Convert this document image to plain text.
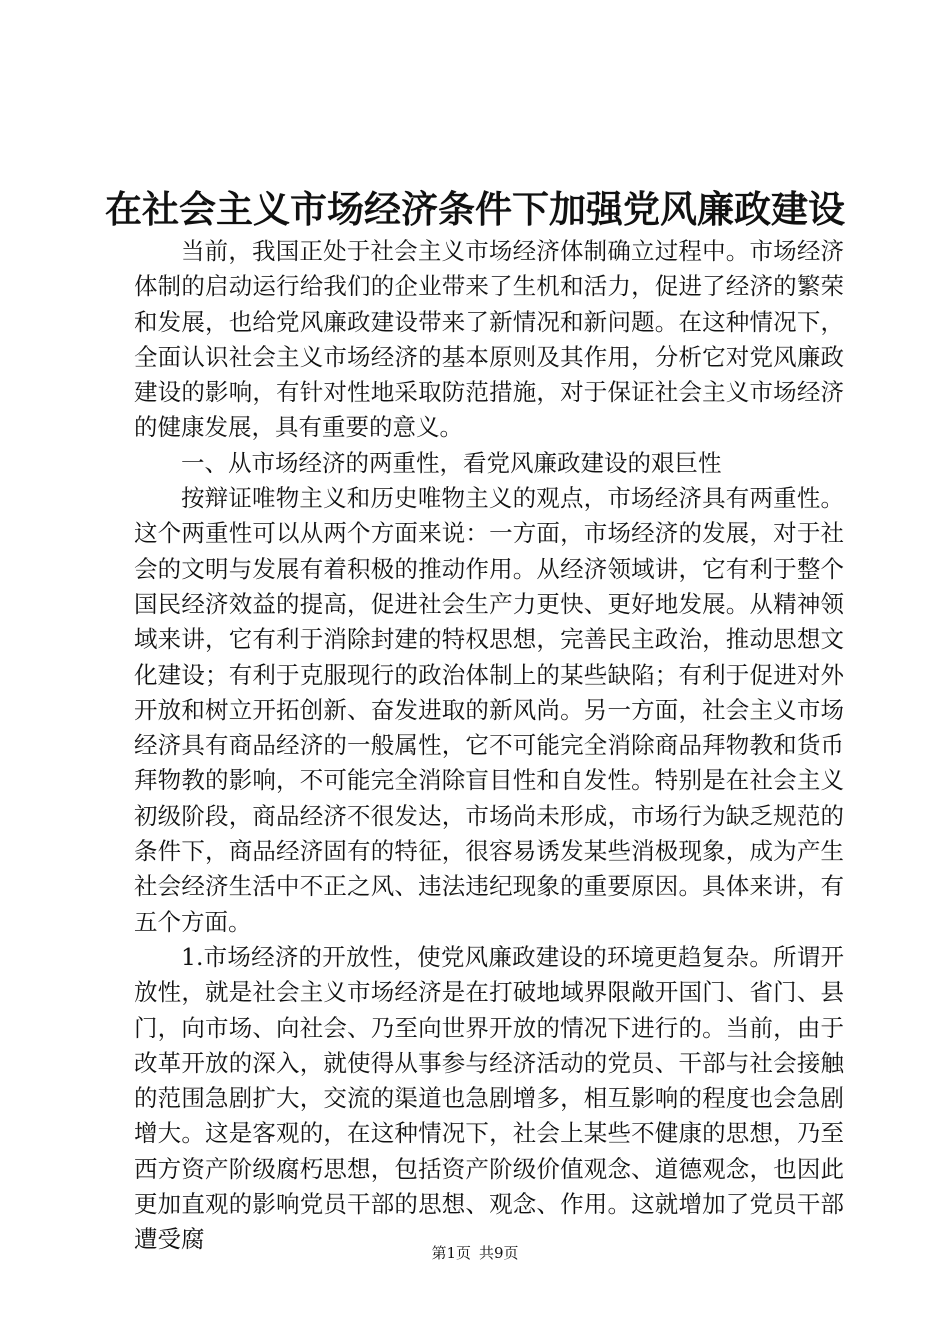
在社会主义市场经济条件下加强党风廉政建设

当前，我国正处于社会主义市场经济体制确立过程中。市场经济体制的启动运行给我们的企业带来了生机和活力，促进了经济的繁荣和发展，也给党风廉政建设带来了新情况和新问题。在这种情况下，全面认识社会主义市场经济的基本原则及其作用，分析它对党风廉政建设的影响，有针对性地采取防范措施，对于保证社会主义市场经济的健康发展，具有重要的意义。

一、从市场经济的两重性，看党风廉政建设的艰巨性

按辩证唯物主义和历史唯物主义的观点，市场经济具有两重性。这个两重性可以从两个方面来说：一方面，市场经济的发展，对于社会的文明与发展有着积极的推动作用。从经济领域讲，它有利于整个国民经济效益的提高，促进社会生产力更快、更好地发展。从精神领域来讲，它有利于消除封建的特权思想，完善民主政治，推动思想文化建设；有利于克服现行的政治体制上的某些缺陷；有利于促进对外开放和树立开拓创新、奋发进取的新风尚。另一方面，社会主义市场经济具有商品经济的一般属性，它不可能完全消除商品拜物教和货币拜物教的影响，不可能完全消除盲目性和自发性。特别是在社会主义初级阶段，商品经济不很发达，市场尚未形成，市场行为缺乏规范的条件下，商品经济固有的特征，很容易诱发某些消极现象，成为产生社会经济生活中不正之风、违法违纪现象的重要原因。具体来讲，有五个方面。

1.市场经济的开放性，使党风廉政建设的环境更趋复杂。所谓开放性，就是社会主义市场经济是在打破地域界限敞开国门、省门、县门，向市场、向社会、乃至向世界开放的情况下进行的。当前，由于改革开放的深入，就使得从事参与经济活动的党员、干部与社会接触的范围急剧扩大，交流的渠道也急剧增多，相互影响的程度也会急剧增大。这是客观的，在这种情况下，社会上某些不健康的思想，乃至西方资产阶级腐朽思想，包括资产阶级价值观念、道德观念，也因此更加直观的影响党员干部的思想、观念、作用。这就增加了党员干部遭受腐	第1页 共9页
